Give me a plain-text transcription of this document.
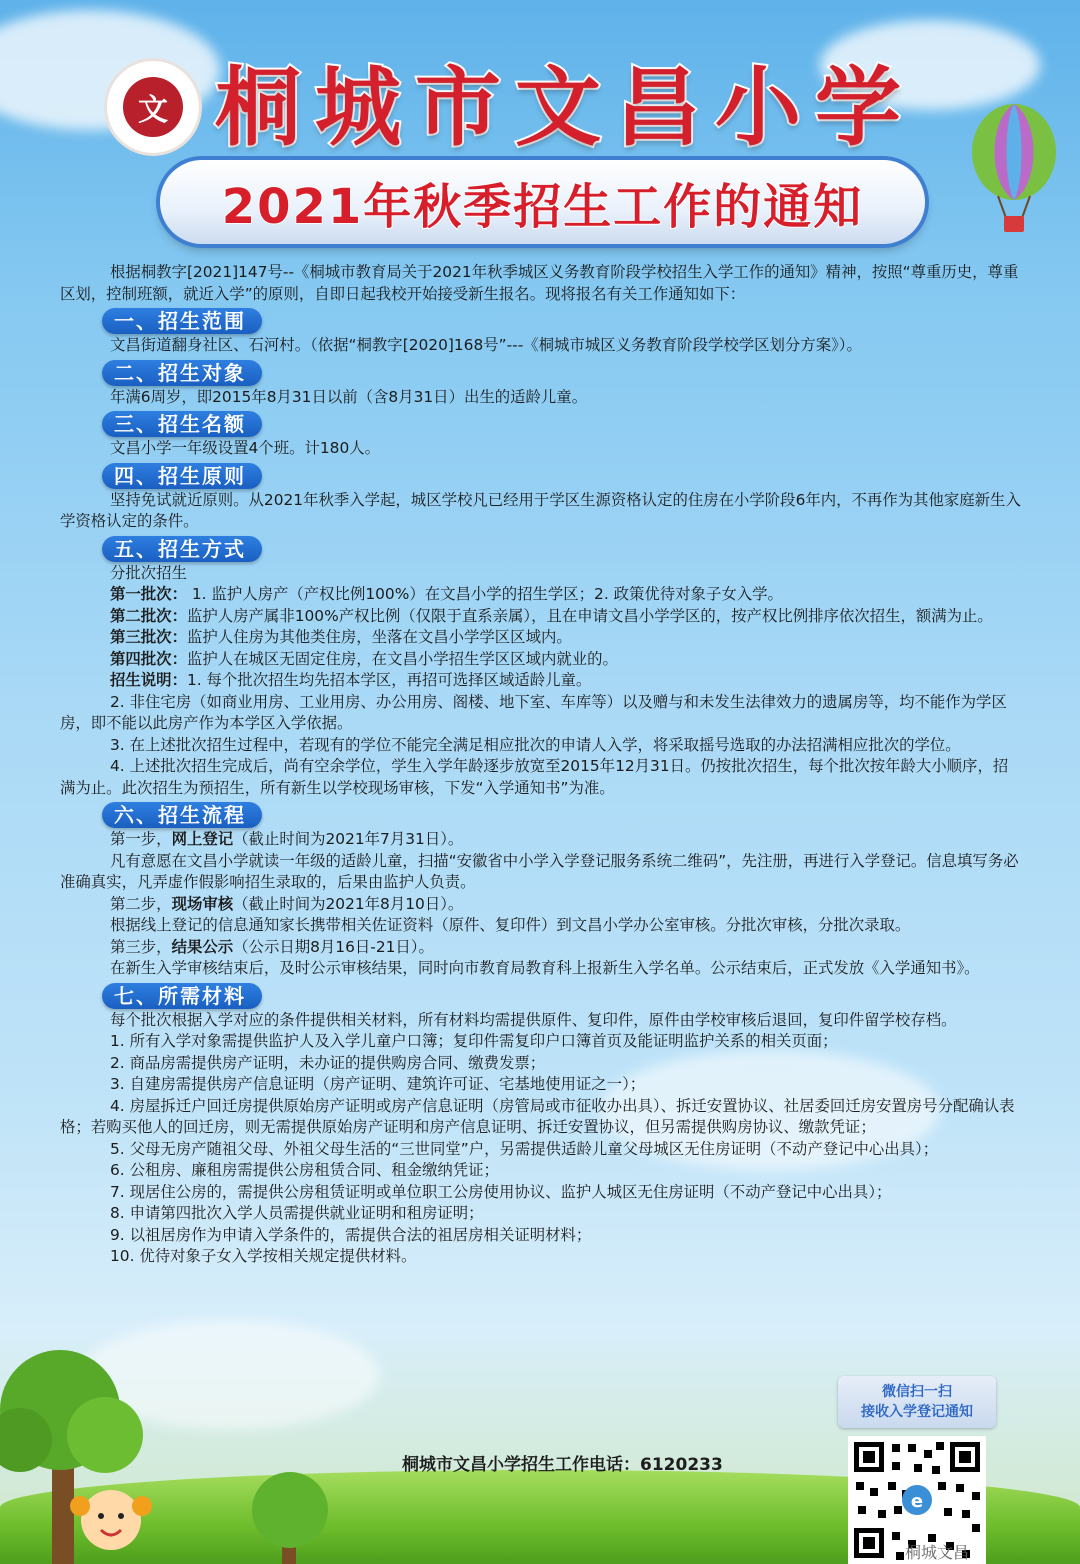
文 桐城市文昌小学
2021年秋季招生工作的通知

根据桐教字[2021]147号--《桐城市教育局关于2021年秋季城区义务教育阶段学校招生入学工作的通知》精神，按照“尊重历史，尊重区划，控制班额，就近入学”的原则，自即日起我校开始接受新生报名。现将报名有关工作通知如下：

一、招生范围

文昌街道翻身社区、石河村。（依据“桐教字[2020]168号”---《桐城市城区义务教育阶段学校学区划分方案》）。

二、招生对象

年满6周岁，即2015年8月31日以前（含8月31日）出生的适龄儿童。

三、招生名额

文昌小学一年级设置4个班。计180人。

四、招生原则

坚持免试就近原则。从2021年秋季入学起，城区学校凡已经用于学区生源资格认定的住房在小学阶段6年内，不再作为其他家庭新生入学资格认定的条件。

五、招生方式

分批次招生

第一批次： 1. 监护人房产（产权比例100%）在文昌小学的招生学区；2. 政策优待对象子女入学。

第二批次：监护人房产属非100%产权比例（仅限于直系亲属），且在申请文昌小学学区的，按产权比例排序依次招生，额满为止。

第三批次：监护人住房为其他类住房，坐落在文昌小学学区区域内。

第四批次：监护人在城区无固定住房，在文昌小学招生学区区域内就业的。

招生说明：1. 每个批次招生均先招本学区，再招可选择区域适龄儿童。

2. 非住宅房（如商业用房、工业用房、办公用房、阁楼、地下室、车库等）以及赠与和未发生法律效力的遗属房等，均不能作为学区房，即不能以此房产作为本学区入学依据。

3. 在上述批次招生过程中，若现有的学位不能完全满足相应批次的申请人入学，将采取摇号选取的办法招满相应批次的学位。

4. 上述批次招生完成后，尚有空余学位，学生入学年龄逐步放宽至2015年12月31日。仍按批次招生，每个批次按年龄大小顺序，招满为止。此次招生为预招生，所有新生以学校现场审核，下发“入学通知书”为准。

六、招生流程

第一步，网上登记（截止时间为2021年7月31日）。

凡有意愿在文昌小学就读一年级的适龄儿童，扫描“安徽省中小学入学登记服务系统二维码”，先注册，再进行入学登记。信息填写务必准确真实，凡弄虚作假影响招生录取的，后果由监护人负责。

第二步，现场审核（截止时间为2021年8月10日）。

根据线上登记的信息通知家长携带相关佐证资料（原件、复印件）到文昌小学办公室审核。分批次审核，分批次录取。

第三步，结果公示（公示日期8月16日-21日）。

在新生入学审核结束后，及时公示审核结果，同时向市教育局教育科上报新生入学名单。公示结束后，正式发放《入学通知书》。

七、所需材料

每个批次根据入学对应的条件提供相关材料，所有材料均需提供原件、复印件，原件由学校审核后退回，复印件留学校存档。

1. 所有入学对象需提供监护人及入学儿童户口簿；复印件需复印户口簿首页及能证明监护关系的相关页面；

2. 商品房需提供房产证明，未办证的提供购房合同、缴费发票；

3. 自建房需提供房产信息证明（房产证明、建筑许可证、宅基地使用证之一）；

4. 房屋拆迁户回迁房提供原始房产证明或房产信息证明（房管局或市征收办出具）、拆迁安置协议、社居委回迁房安置房号分配确认表格；若购买他人的回迁房，则无需提供原始房产证明和房产信息证明、拆迁安置协议，但另需提供购房协议、缴款凭证；

5. 父母无房产随祖父母、外祖父母生活的“三世同堂”户，另需提供适龄儿童父母城区无住房证明（不动产登记中心出具）；

6. 公租房、廉租房需提供公房租赁合同、租金缴纳凭证；

7. 现居住公房的，需提供公房租赁证明或单位职工公房使用协议、监护人城区无住房证明（不动产登记中心出具）；

8. 申请第四批次入学人员需提供就业证明和租房证明；

9. 以祖居房作为申请入学条件的，需提供合法的祖居房相关证明材料；

10. 优待对象子女入学按相关规定提供材料。

桐城市文昌小学招生工作电话：6120233
微信扫一扫
接收入学登记通知
e
桐城文昌
